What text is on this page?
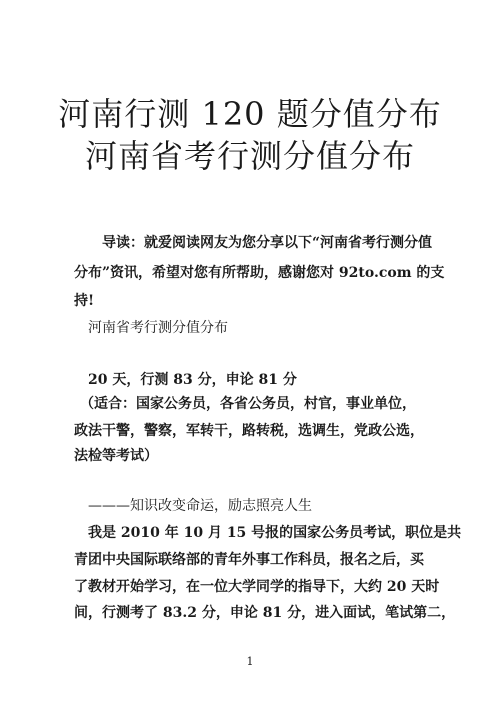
河南行测 120 题分值分布
河南省考行测分值分布

导读：就爱阅读网友为您分享以下“河南省考行测分值

分布”资讯，希望对您有所帮助，感谢您对 92to.com 的支

持!

河南省考行测分值分布

20 天，行测 83 分，申论 81 分

（适合：国家公务员，各省公务员，村官，事业单位，

政法干警，警察，军转干，路转税，选调生，党政公选，

法检等考试）

———知识改变命运，励志照亮人生

我是 2010 年 10 月 15 号报的国家公务员考试，职位是共

青团中央国际联络部的青年外事工作科员，报名之后，买

了教材开始学习，在一位大学同学的指导下，大约 20 天时

间，行测考了 83.2 分，申论 81 分，进入面试，笔试第二，

1
